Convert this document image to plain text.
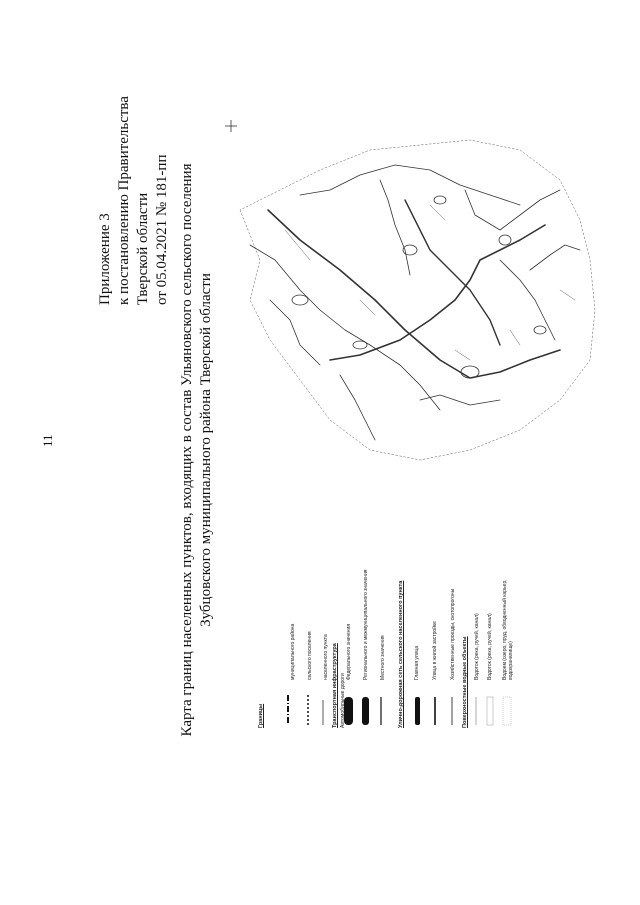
11
Приложение 3 к постановлению Правительства Тверской области от 05.04.2021 № 181-пп Карта границ населенных пунктов, входящих в состав Ульяновского сельского поселения Зубцовского муниципального района Тверской области
Границы
муниципального района сельского поселения населенного пункта Транспортная инфраструктура Автомобильные дороги
Федерального значения Регионального и межмуниципального значения Местного значения Улично-дорожная сеть сельского населенного пункта Главная улица Улица в жилой застройке Хозяйственные проезды, скотопрогоны
Поверхностные водные объекты Водоток (река, ручей, канал) Водоток (река, ручей, канал) Водоем (озеро, пруд, обводненный карьер, водохранилище)
